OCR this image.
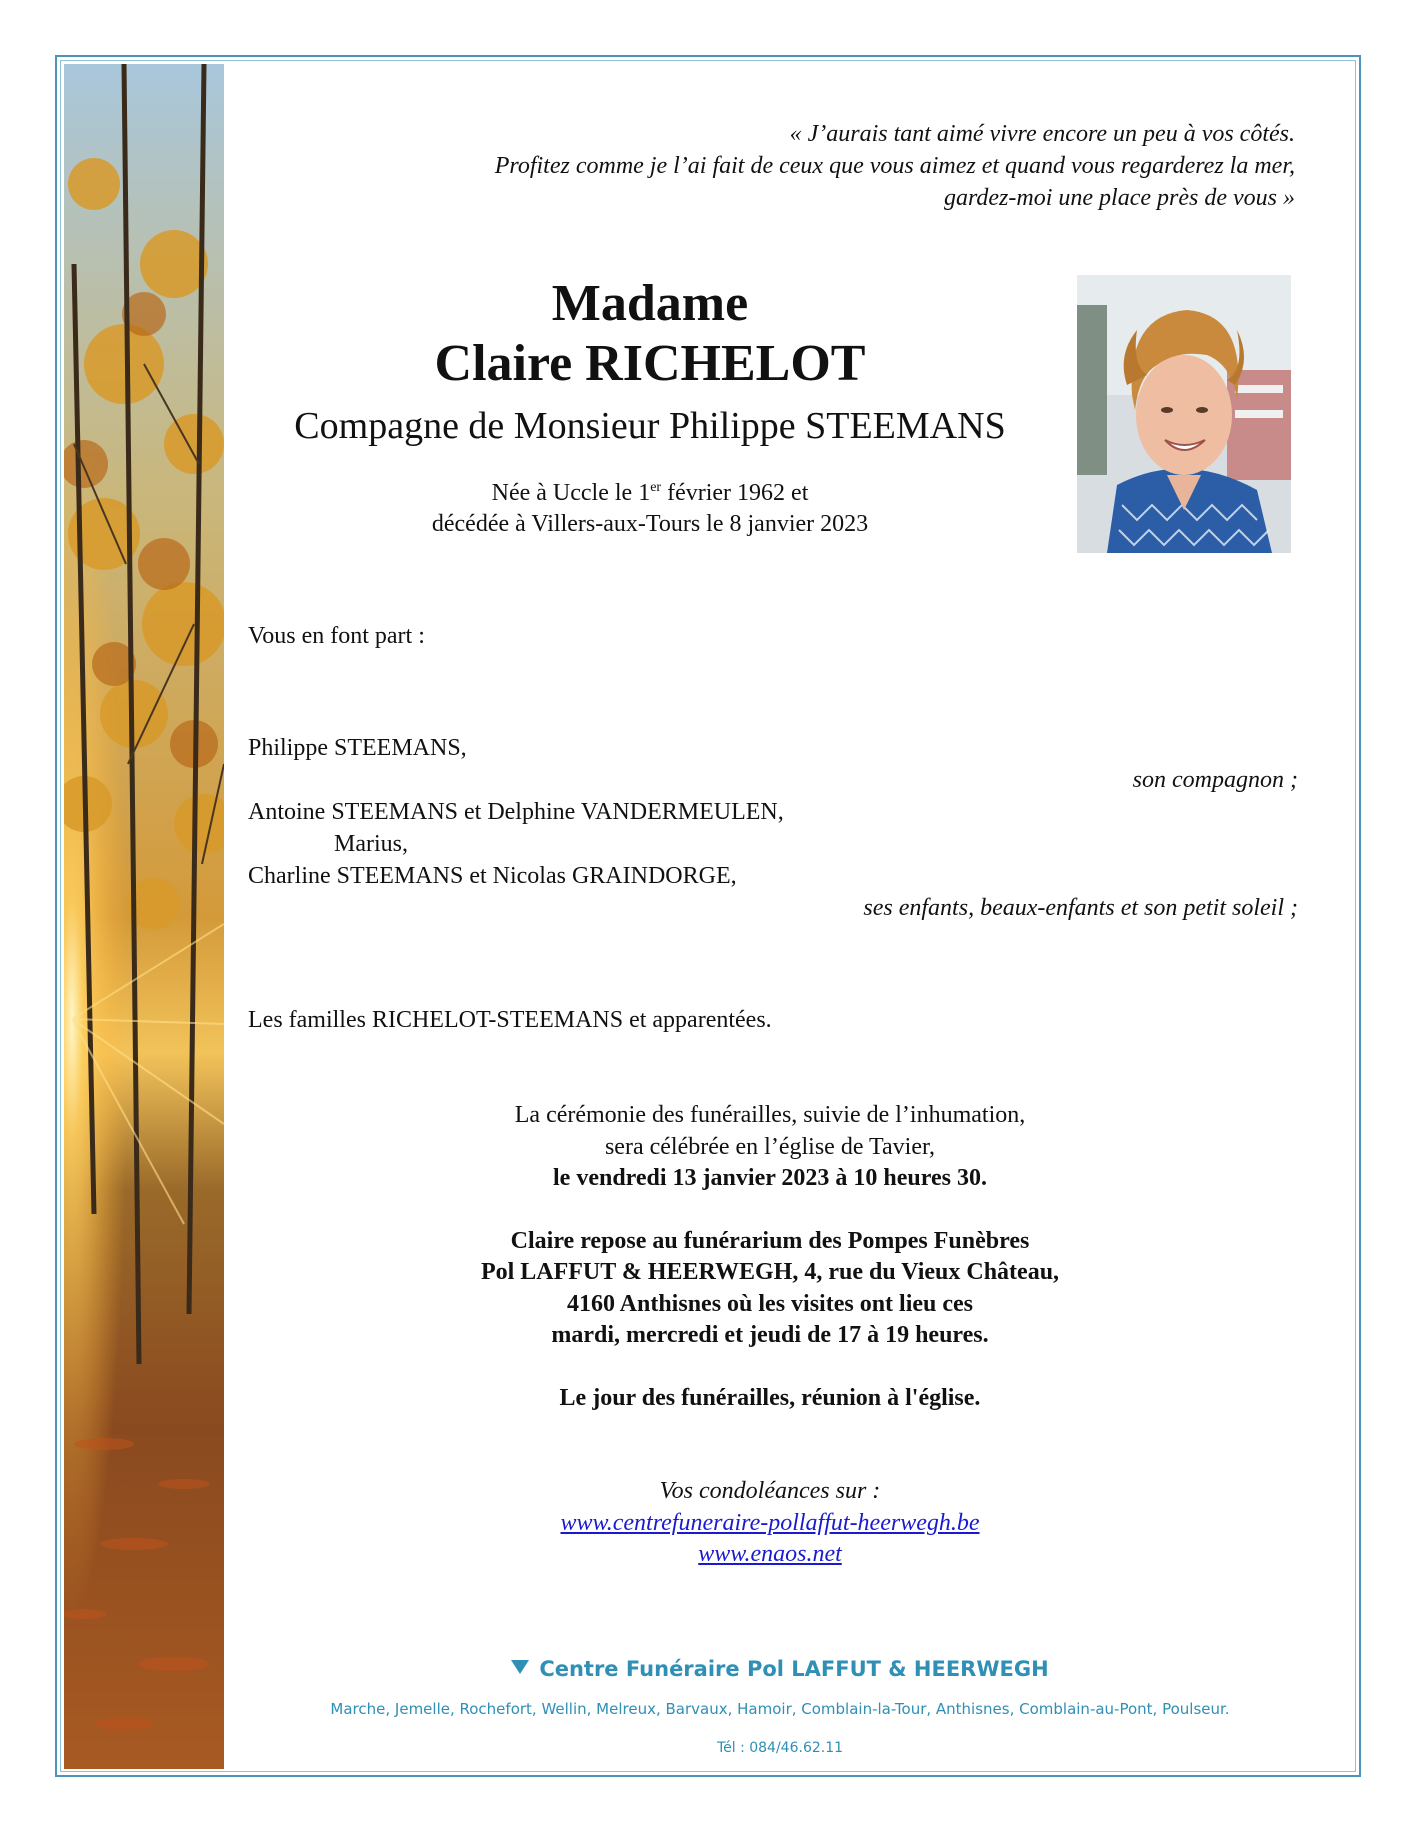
« J’aurais tant aimé vivre encore un peu à vos côtés.
Profitez comme je l’ai fait de ceux que vous aimez et quand vous regarderez la mer,
gardez-moi une place près de vous »
Madame
Claire RICHELOT
Compagne de Monsieur Philippe STEEMANS
Née à Uccle le 1er février 1962 et
décédée à Villers-aux-Tours le 8 janvier 2023
Vous en font part :
Philippe STEEMANS,
son compagnon ;
Antoine STEEMANS et Delphine VANDERMEULEN,
Marius,
Charline STEEMANS et Nicolas GRAINDORGE,
ses enfants, beaux-enfants et son petit soleil ;
Les familles RICHELOT-STEEMANS et apparentées.
La cérémonie des funérailles, suivie de l’inhumation,
sera célébrée en l’église de Tavier,
le vendredi 13 janvier 2023 à 10 heures 30.
Claire repose au funérarium des Pompes Funèbres
Pol LAFFUT & HEERWEGH, 4, rue du Vieux Château,
4160 Anthisnes où les visites ont lieu ces
mardi, mercredi et jeudi de 17 à 19 heures.
Le jour des funérailles, réunion à l'église.
Vos condoléances sur :
www.centrefuneraire-pollaffut-heerwegh.be
www.enaos.net
Centre Funéraire Pol LAFFUT & HEERWEGH
Marche, Jemelle, Rochefort, Wellin, Melreux, Barvaux, Hamoir, Comblain-la-Tour, Anthisnes, Comblain-au-Pont, Poulseur.
Tél : 084/46.62.11
